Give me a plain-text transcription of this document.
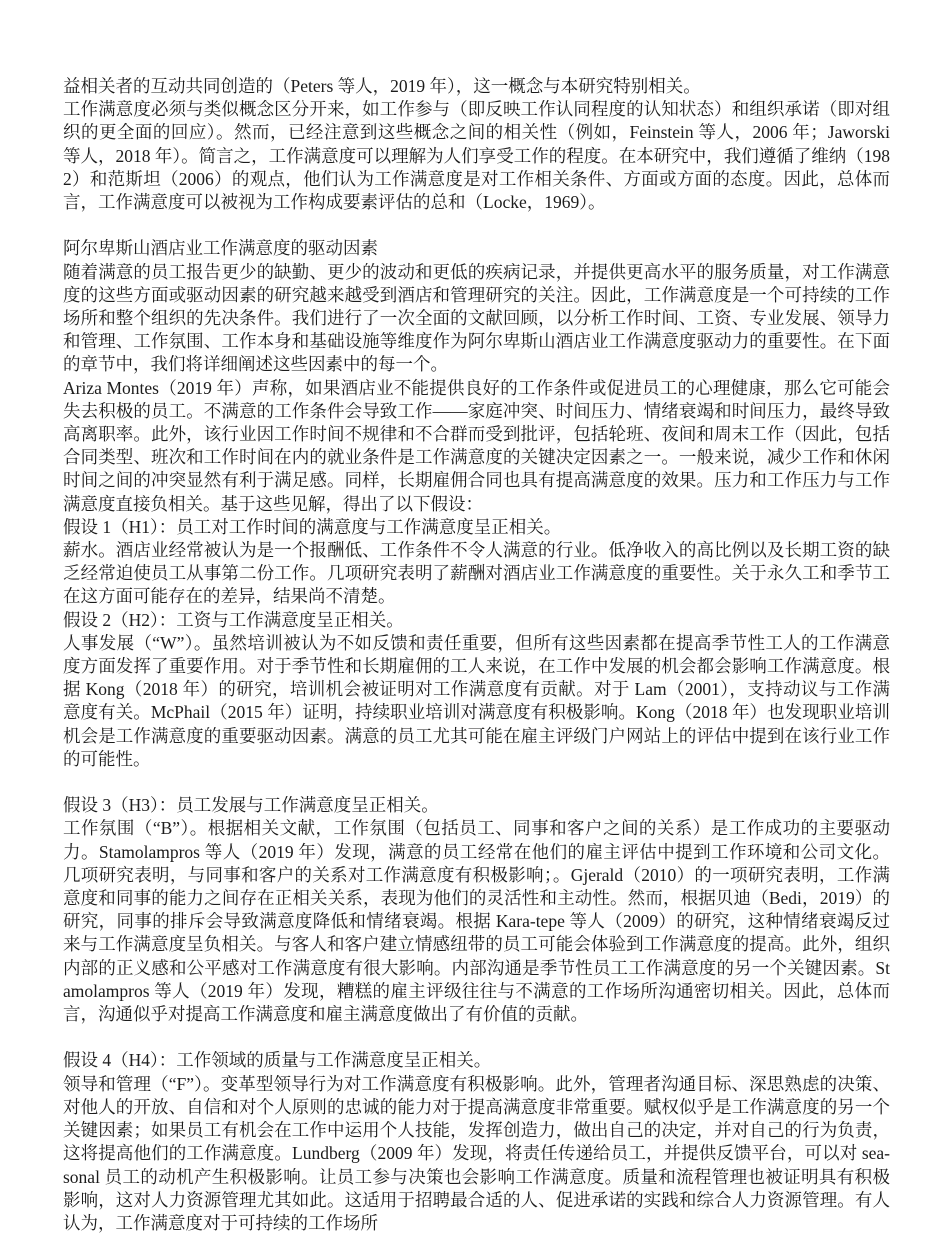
益相关者的互动共同创造的（Peters 等人，2019 年），这一概念与本研究特别相关。

工作满意度必须与类似概念区分开来，如工作参与（即反映工作认同程度的认知状态）和组织承诺（即对组织的更全面的回应）。然而，已经注意到这些概念之间的相关性（例如，Feinstein 等人，2006 年；Jaworski 等人，2018 年）。简言之，工作满意度可以理解为人们享受工作的程度。在本研究中，我们遵循了维纳（1982）和范斯坦（2006）的观点，他们认为工作满意度是对工作相关条件、方面或方面的态度。因此，总体而言，工作满意度可以被视为工作构成要素评估的总和（Locke，1969）。

阿尔卑斯山酒店业工作满意度的驱动因素

随着满意的员工报告更少的缺勤、更少的波动和更低的疾病记录，并提供更高水平的服务质量，对工作满意度的这些方面或驱动因素的研究越来越受到酒店和管理研究的关注。因此，工作满意度是一个可持续的工作场所和整个组织的先决条件。我们进行了一次全面的文献回顾，以分析工作时间、工资、专业发展、领导力和管理、工作氛围、工作本身和基础设施等维度作为阿尔卑斯山酒店业工作满意度驱动力的重要性。在下面的章节中，我们将详细阐述这些因素中的每一个。

Ariza Montes（2019 年）声称，如果酒店业不能提供良好的工作条件或促进员工的心理健康，那么它可能会失去积极的员工。不满意的工作条件会导致工作——家庭冲突、时间压力、情绪衰竭和时间压力，最终导致高离职率。此外，该行业因工作时间不规律和不合群而受到批评，包括轮班、夜间和周末工作（因此，包括合同类型、班次和工作时间在内的就业条件是工作满意度的关键决定因素之一。一般来说，减少工作和休闲时间之间的冲突显然有利于满足感。同样，长期雇佣合同也具有提高满意度的效果。压力和工作压力与工作满意度直接负相关。基于这些见解，得出了以下假设：

假设 1（H1）：员工对工作时间的满意度与工作满意度呈正相关。

薪水。酒店业经常被认为是一个报酬低、工作条件不令人满意的行业。低净收入的高比例以及长期工资的缺乏经常迫使员工从事第二份工作。几项研究表明了薪酬对酒店业工作满意度的重要性。关于永久工和季节工在这方面可能存在的差异，结果尚不清楚。

假设 2（H2）：工资与工作满意度呈正相关。

人事发展（“W”）。虽然培训被认为不如反馈和责任重要，但所有这些因素都在提高季节性工人的工作满意度方面发挥了重要作用。对于季节性和长期雇佣的工人来说，在工作中发展的机会都会影响工作满意度。根据 Kong（2018 年）的研究，培训机会被证明对工作满意度有贡献。对于 Lam（2001），支持动议与工作满意度有关。McPhail（2015 年）证明，持续职业培训对满意度有积极影响。Kong（2018 年）也发现职业培训机会是工作满意度的重要驱动因素。满意的员工尤其可能在雇主评级门户网站上的评估中提到在该行业工作的可能性。

假设 3（H3）：员工发展与工作满意度呈正相关。

工作氛围（“B”）。根据相关文献，工作氛围（包括员工、同事和客户之间的关系）是工作成功的主要驱动力。Stamolampros 等人（2019 年）发现，满意的员工经常在他们的雇主评估中提到工作环境和公司文化。几项研究表明，与同事和客户的关系对工作满意度有积极影响；。Gjerald（2010）的一项研究表明，工作满意度和同事的能力之间存在正相关关系，表现为他们的灵活性和主动性。然而，根据贝迪（Bedi，2019）的研究，同事的排斥会导致满意度降低和情绪衰竭。根据 Kara-tepe 等人（2009）的研究，这种情绪衰竭反过来与工作满意度呈负相关。与客人和客户建立情感纽带的员工可能会体验到工作满意度的提高。此外，组织内部的正义感和公平感对工作满意度有很大影响。内部沟通是季节性员工工作满意度的另一个关键因素。Stamolampros 等人（2019 年）发现，糟糕的雇主评级往往与不满意的工作场所沟通密切相关。因此，总体而言，沟通似乎对提高工作满意度和雇主满意度做出了有价值的贡献。

假设 4（H4）：工作领域的质量与工作满意度呈正相关。

领导和管理（“F”）。变革型领导行为对工作满意度有积极影响。此外，管理者沟通目标、深思熟虑的决策、对他人的开放、自信和对个人原则的忠诚的能力对于提高满意度非常重要。赋权似乎是工作满意度的另一个关键因素；如果员工有机会在工作中运用个人技能，发挥创造力，做出自己的决定，并对自己的行为负责，这将提高他们的工作满意度。Lundberg（2009 年）发现，将责任传递给员工，并提供反馈平台，可以对 sea-sonal 员工的动机产生积极影响。让员工参与决策也会影响工作满意度。质量和流程管理也被证明具有积极影响，这对人力资源管理尤其如此。这适用于招聘最合适的人、促进承诺的实践和综合人力资源管理。有人认为，工作满意度对于可持续的工作场所
